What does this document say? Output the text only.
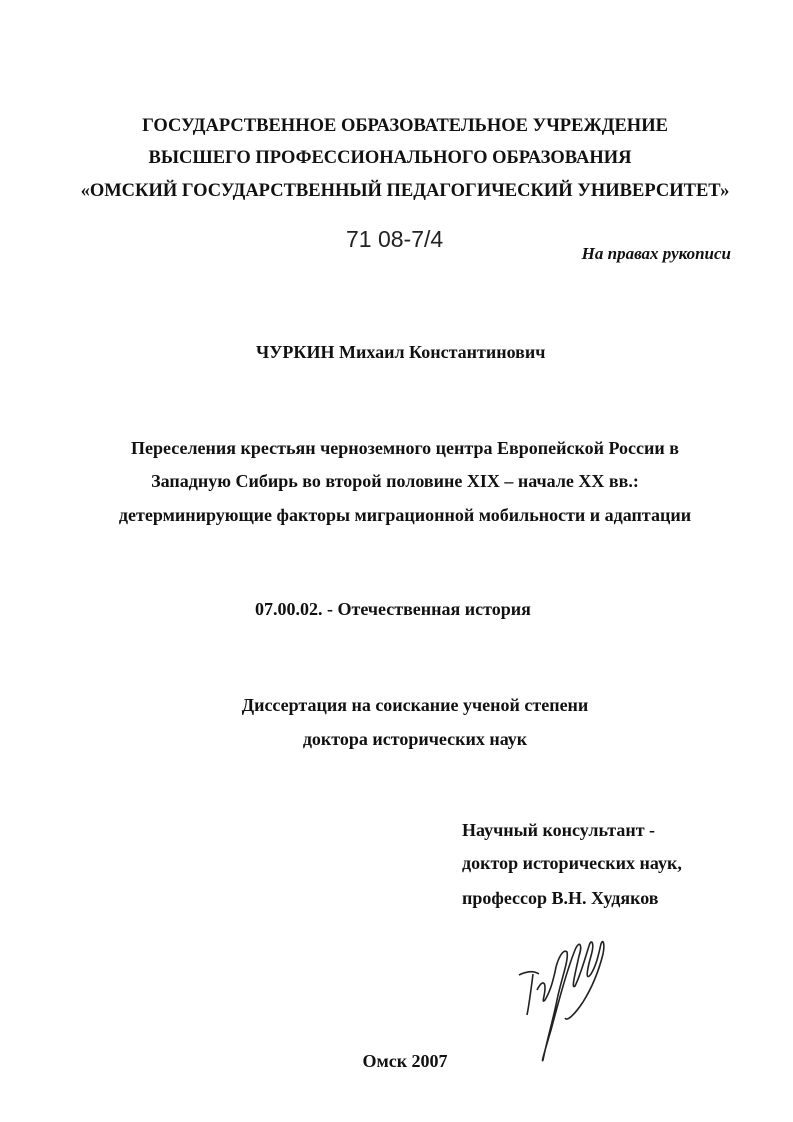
ГОСУДАРСТВЕННОЕ ОБРАЗОВАТЕЛЬНОЕ УЧРЕЖДЕНИЕ
ВЫСШЕГО ПРОФЕССИОНАЛЬНОГО ОБРАЗОВАНИЯ
«ОМСКИЙ ГОСУДАРСТВЕННЫЙ ПЕДАГОГИЧЕСКИЙ УНИВЕРСИТЕТ»
71 08-7/4
На правах рукописи
ЧУРКИН Михаил Константинович
Переселения крестьян черноземного центра Европейской России в
Западную Сибирь во второй половине XIX – начале XX вв.:
детерминирующие факторы миграционной мобильности и адаптации
07.00.02. - Отечественная история
Диссертация на соискание ученой степени
доктора исторических наук
Научный консультант -
доктор исторических наук,
профессор В.Н. Худяков
Омск 2007
